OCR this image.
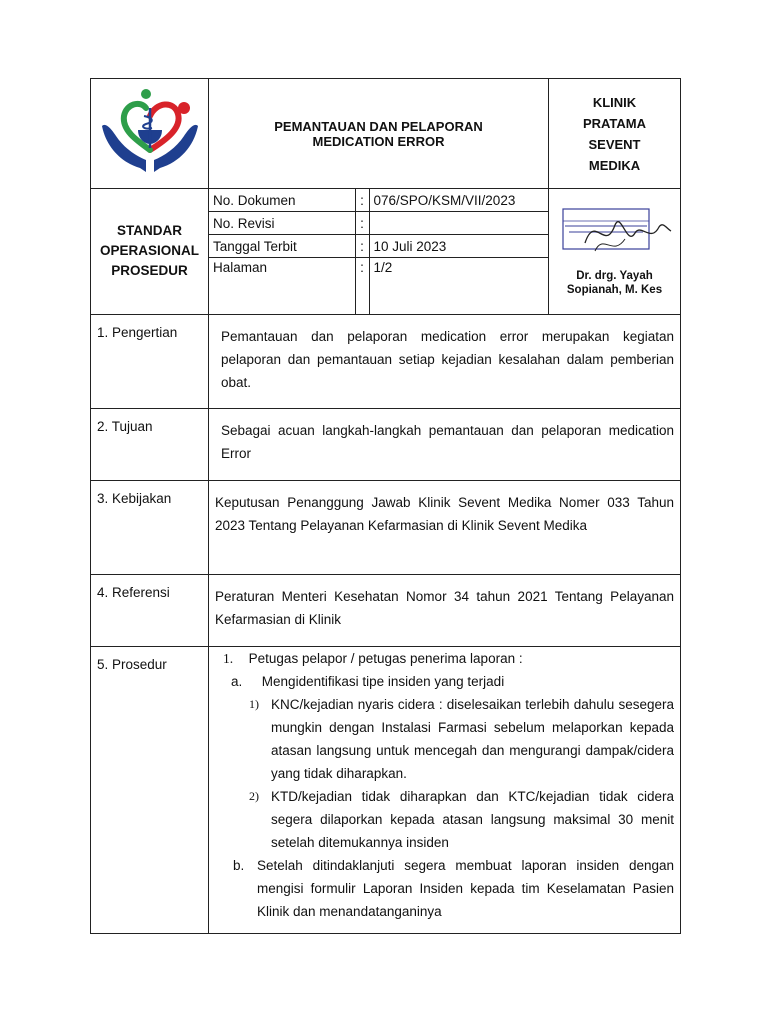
PEMANTAUAN DAN PELAPORAN
MEDICATION ERROR

KLINIK
PRATAMA
SEVENT
MEDIKA

STANDAR
OPERASIONAL
PROSEDUR

No. Dokumen	:	076/SPO/KSM/VII/2023
No. Revisi	:	
Tanggal Terbit	:	10 Juli 2023
Halaman	:	1/2

Dr. drg. Yayah
Sopianah, M. Kes

1. Pengertian	Pemantauan dan pelaporan medication error merupakan kegiatan pelaporan dan pemantauan setiap kejadian kesalahan dalam pemberian obat.
2. Tujuan	Sebagai acuan langkah-langkah pemantauan dan pelaporan medication Error
3. Kebijakan	Keputusan Penanggung Jawab Klinik Sevent Medika Nomer 033 Tahun 2023 Tentang Pelayanan Kefarmasian di Klinik Sevent Medika
4. Referensi	Peraturan Menteri Kesehatan Nomor 34 tahun 2021 Tentang Pelayanan Kefarmasian di Klinik
5. Prosedur	1. Petugas pelapor / petugas penerima laporan :
a. Mengidentifikasi tipe insiden yang terjadi
1) KNC/kejadian nyaris cidera : diselesaikan terlebih dahulu sesegera mungkin dengan Instalasi Farmasi sebelum melaporkan kepada atasan langsung untuk mencegah dan mengurangi dampak/cidera yang tidak diharapkan.
2) KTD/kejadian tidak diharapkan dan KTC/kejadian tidak cidera segera dilaporkan kepada atasan langsung maksimal 30 menit setelah ditemukannya insiden
b. Setelah ditindaklanjuti segera membuat laporan insiden dengan mengisi formulir Laporan Insiden kepada tim Keselamatan Pasien Klinik dan menandatanganinya
